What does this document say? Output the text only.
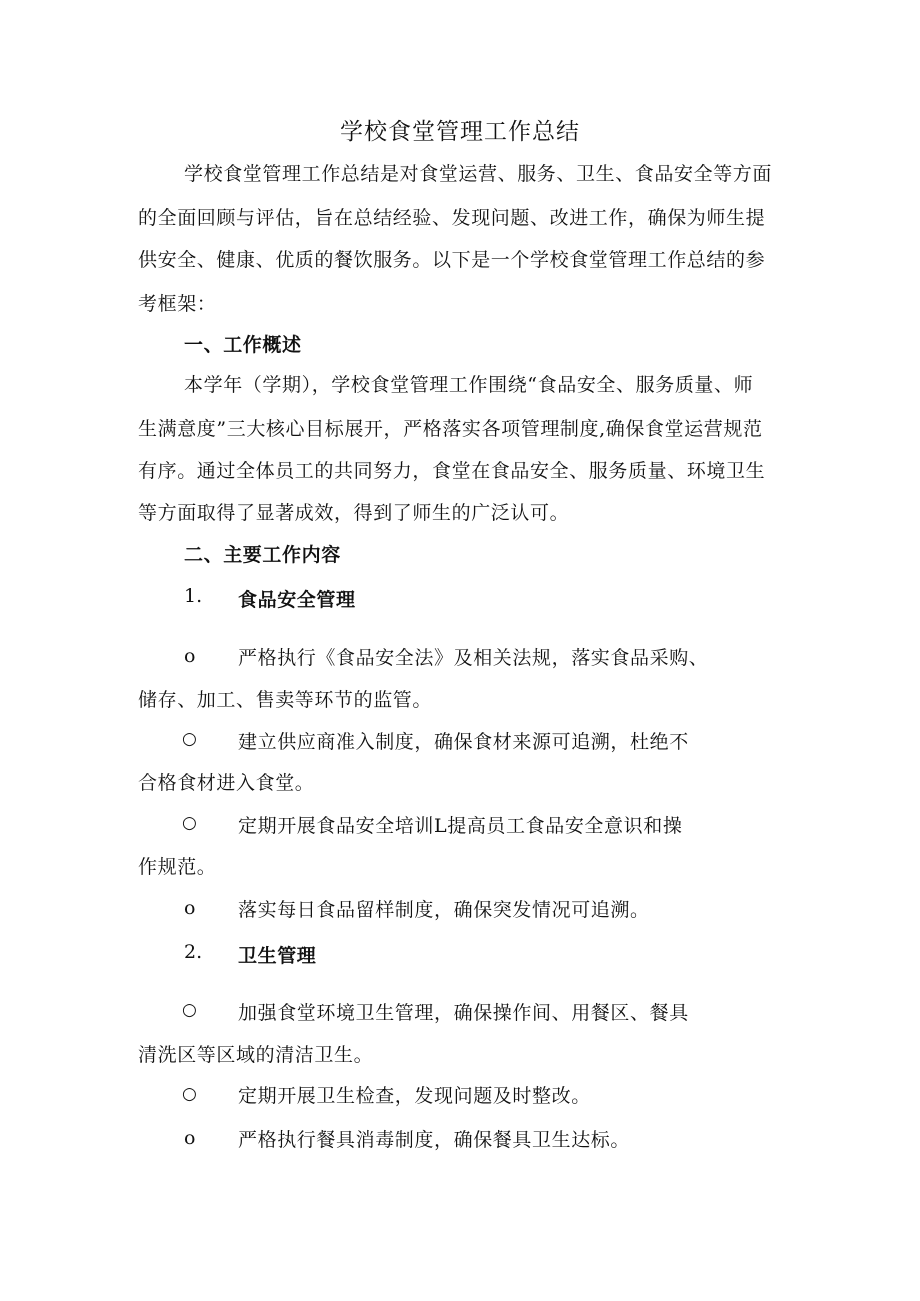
学校食堂管理工作总结
学校食堂管理工作总结是对食堂运营、服务、卫生、食品安全等方面
的全面回顾与评估，旨在总结经验、发现问题、改进工作，确保为师生提
供安全、健康、优质的餐饮服务。以下是一个学校食堂管理工作总结的参
考框架：
一、工作概述
本学年（学期），学校食堂管理工作围绕“食品安全、服务质量、师
生满意度”三大核心目标展开，严格落实各项管理制度,确保食堂运营规范
有序。通过全体员工的共同努力，食堂在食品安全、服务质量、环境卫生
等方面取得了显著成效，得到了师生的广泛认可。
二、主要工作内容
1. 食品安全管理
o 严格执行《食品安全法》及相关法规，落实食品采购、
储存、加工、售卖等环节的监管。
○ 建立供应商准入制度，确保食材来源可追溯，杜绝不
合格食材进入食堂。
○ 定期开展食品安全培训L提高员工食品安全意识和操
作规范。
o 落实每日食品留样制度，确保突发情况可追溯。
2. 卫生管理
○ 加强食堂环境卫生管理，确保操作间、用餐区、餐具
清洗区等区域的清洁卫生。
○ 定期开展卫生检查，发现问题及时整改。
o 严格执行餐具消毒制度，确保餐具卫生达标。
